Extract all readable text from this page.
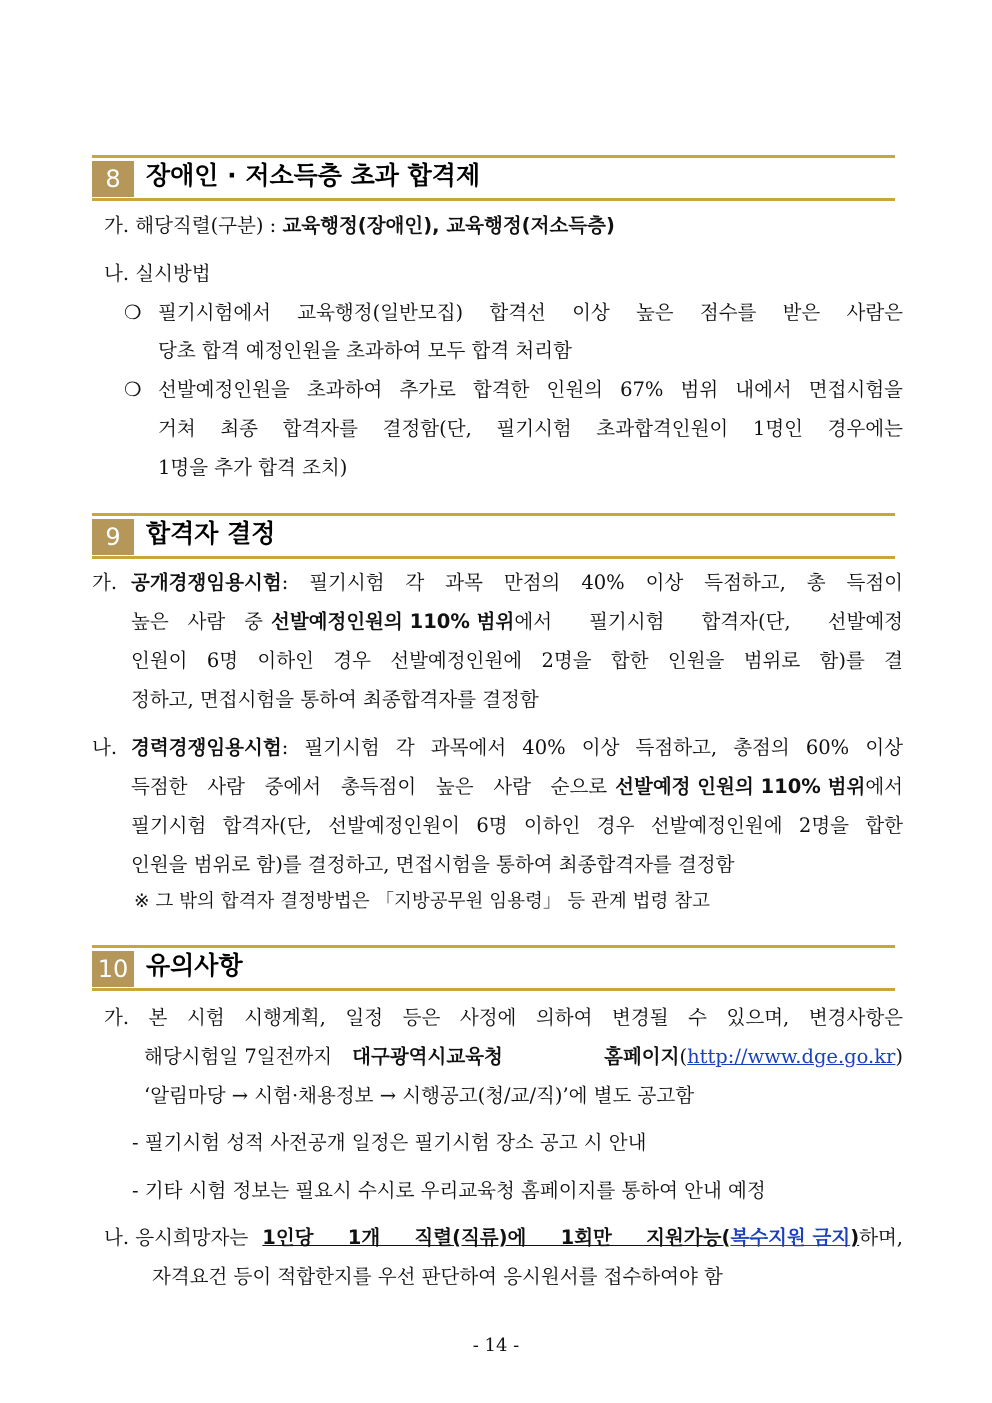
8	장애인 · 저소득층 초과 합격제
가. 해당직렬(구분) : 교육행정(장애인), 교육행정(저소득층)
나. 실시방법
❍ 필기시험에서 교육행정(일반모집) 합격선 이상 높은 점수를 받은 사람은
당초 합격 예정인원을 초과하여 모두 합격 처리함
❍ 선발예정인원을 초과하여 추가로 합격한 인원의 67% 범위 내에서 면접시험을
거쳐 최종 합격자를 결정함(단, 필기시험 초과합격인원이 1명인 경우에는
1명을 추가 합격 조치)
9	합격자 결정
가. 공개경쟁임용시험 : 필기시험 각 과목 만점의 40% 이상 득점하고, 총 득점이
높은 사람 중 선발예정인원의 110% 범위 에서 필기시험 합격자(단, 선발예정
인원이 6명 이하인 경우 선발예정인원에 2명을 합한 인원을 범위로 함)를 결
정하고, 면접시험을 통하여 최종합격자를 결정함
나. 경력경쟁임용시험 : 필기시험 각 과목에서 40% 이상 득점하고, 총점의 60% 이상
득점한 사람 중에서 총득점이 높은 사람 순으로 선발예정 인원의 110% 범위 에서
필기시험 합격자(단, 선발예정인원이 6명 이하인 경우 선발예정인원에 2명을 합한
인원을 범위로 함)를 결정하고, 면접시험을 통하여 최종합격자를 결정함
※ 그 밖의 합격자 결정방법은 「지방공무원 임용령」 등 관계 법령 참고
10 유의사항
가. 본 시험 시행계획, 일정 등은 사정에 의하여 변경될 수 있으며, 변경사항은
해당시험일 7일전까지 대구광역시교육청 홈페이지 ( http://www.dge.go.kr )
‘알림마당 → 시험·채용정보 → 시행공고(청/교/직)’에 별도 공고함
- 필기시험 성적 사전공개 일정은 필기시험 장소 공고 시 안내
- 기타 시험 정보는 필요시 수시로 우리교육청 홈페이지를 통하여 안내 예정
나. 응시희망자는 1인당 1개 직렬(직류)에 1회만 지원가능( 복수지원 금지 ) 하며,
자격요건 등이 적합한지를 우선 판단하여 응시원서를 접수하여야 함
- 14 -
